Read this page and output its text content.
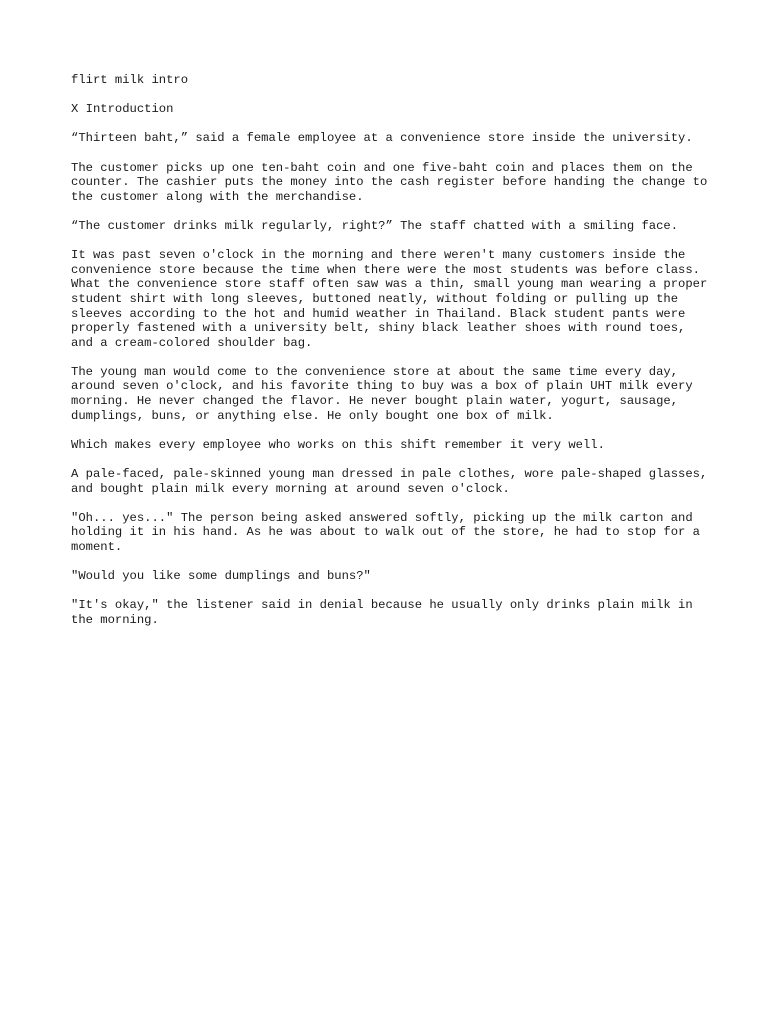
flirt milk intro

X Introduction

“Thirteen baht,” said a female employee at a convenience store inside the university.

The customer picks up one ten-baht coin and one five-baht coin and places them on the counter. The cashier puts the money into the cash register before handing the change to the customer along with the merchandise.

“The customer drinks milk regularly, right?” The staff chatted with a smiling face.

It was past seven o'clock in the morning and there weren't many customers inside the convenience store because the time when there were the most students was before class. What the convenience store staff often saw was a thin, small young man wearing a proper student shirt with long sleeves, buttoned neatly, without folding or pulling up the sleeves according to the hot and humid weather in Thailand. Black student pants were properly fastened with a university belt, shiny black leather shoes with round toes, and a cream-colored shoulder bag.

The young man would come to the convenience store at about the same time every day, around seven o'clock, and his favorite thing to buy was a box of plain UHT milk every morning. He never changed the flavor. He never bought plain water, yogurt, sausage, dumplings, buns, or anything else. He only bought one box of milk.

Which makes every employee who works on this shift remember it very well.

A pale-faced, pale-skinned young man dressed in pale clothes, wore pale-shaped glasses, and bought plain milk every morning at around seven o'clock.

"Oh... yes..." The person being asked answered softly, picking up the milk carton and holding it in his hand. As he was about to walk out of the store, he had to stop for a moment.

"Would you like some dumplings and buns?"

"It's okay," the listener said in denial because he usually only drinks plain milk in the morning.
